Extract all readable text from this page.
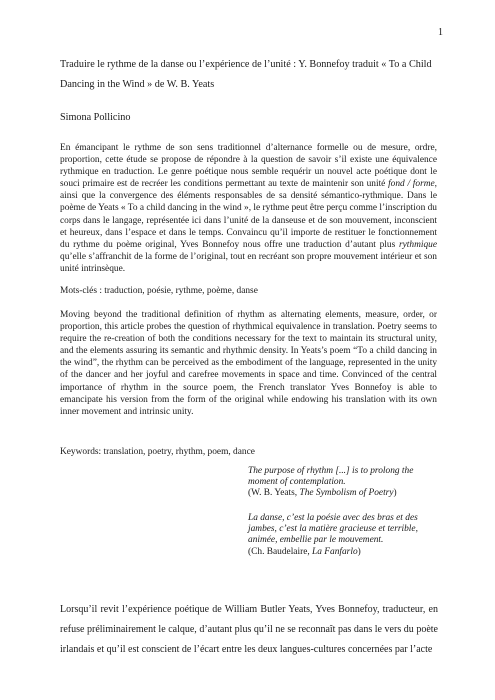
1
Traduire le rythme de la danse ou l’expérience de l’unité : Y. Bonnefoy traduit « To a Child Dancing in the Wind » de W. B. Yeats
Simona Pollicino

En émancipant le rythme de son sens traditionnel d’alternance formelle ou de mesure, ordre, proportion, cette étude se propose de répondre à la question de savoir s’il existe une équivalence rythmique en traduction. Le genre poétique nous semble requérir un nouvel acte poétique dont le souci primaire est de recréer les conditions permettant au texte de maintenir son unité fond / forme, ainsi que la convergence des éléments responsables de sa densité sémantico-rythmique. Dans le poème de Yeats « To a child dancing in the wind », le rythme peut être perçu comme l’inscription du corps dans le langage, représentée ici dans l’unité de la danseuse et de son mouvement, inconscient et heureux, dans l’espace et dans le temps. Convaincu qu’il importe de restituer le fonctionnement du rythme du poème original, Yves Bonnefoy nous offre une traduction d’autant plus rythmique qu’elle s’affranchit de la forme de l’original, tout en recréant son propre mouvement intérieur et son unité intrinsèque.

Mots-clés : traduction, poésie, rythme, poème, danse

Moving beyond the traditional definition of rhythm as alternating elements, measure, order, or proportion, this article probes the question of rhythmical equivalence in translation. Poetry seems to require the re-creation of both the conditions necessary for the text to maintain its structural unity, and the elements assuring its semantic and rhythmic density. In Yeats’s poem “To a child dancing in the wind”, the rhythm can be perceived as the embodiment of the language, represented in the unity of the dancer and her joyful and carefree movements in space and time. Convinced of the central importance of rhythm in the source poem, the French translator Yves Bonnefoy is able to emancipate his version from the form of the original while endowing his translation with its own inner movement and intrinsic unity.

Keywords: translation, poetry, rhythm, poem, dance

The purpose of rhythm [...] is to prolong the moment of contemplation.
(W. B. Yeats, The Symbolism of Poetry)
La danse, c’est la poésie avec des bras et des jambes, c’est la matière gracieuse et terrible, animée, embellie par le mouvement.
(Ch. Baudelaire, La Fanfarlo)

Lorsqu’il revit l’expérience poétique de William Butler Yeats, Yves Bonnefoy, traducteur, en refuse préliminairement le calque, d’autant plus qu’il ne se reconnaît pas dans le vers du poète irlandais et qu’il est conscient de l’écart entre les deux langues-cultures concernées par l’acte
